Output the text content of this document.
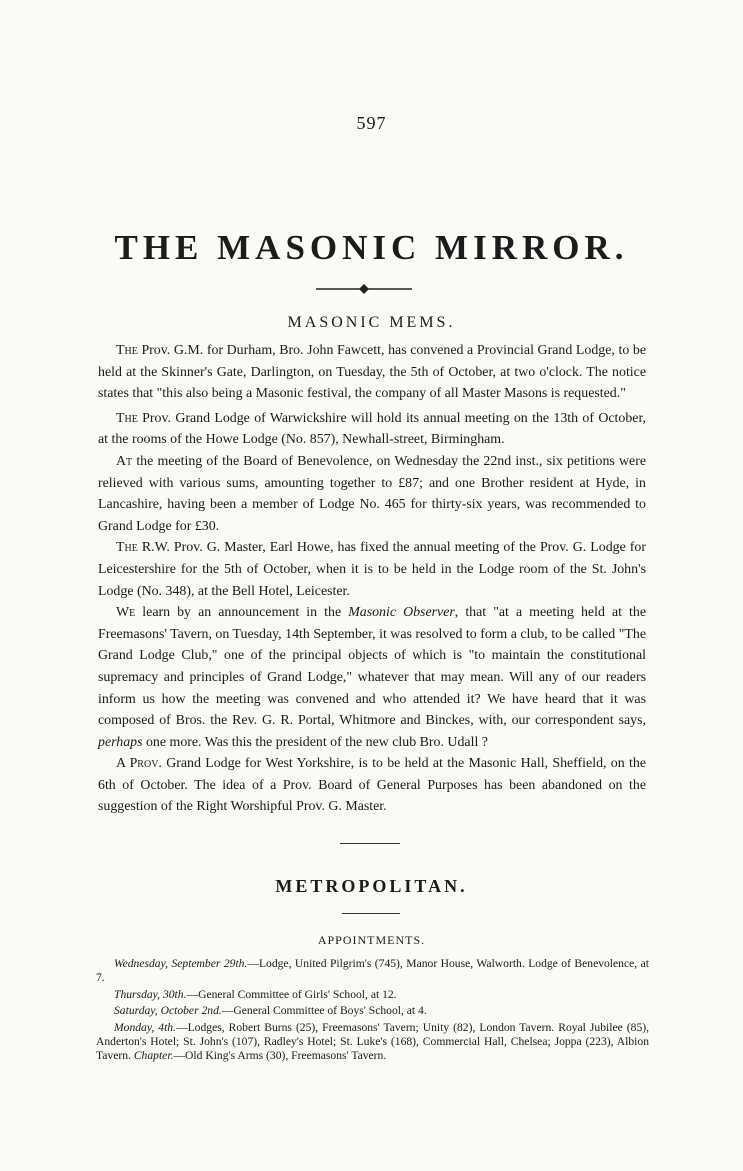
597
THE MASONIC MIRROR.
MASONIC MEMS.

The Prov. G.M. for Durham, Bro. John Fawcett, has convened a Provincial Grand Lodge, to be held at the Skinner's Gate, Darlington, on Tuesday, the 5th of October, at two o'clock. The notice states that "this also being a Masonic festival, the company of all Master Masons is requested."

The Prov. Grand Lodge of Warwickshire will hold its annual meeting on the 13th of October, at the rooms of the Howe Lodge (No. 857), Newhall-street, Birmingham.

At the meeting of the Board of Benevolence, on Wednesday the 22nd inst., six petitions were relieved with various sums, amounting together to £87; and one Brother resident at Hyde, in Lancashire, having been a member of Lodge No. 465 for thirty-six years, was recommended to Grand Lodge for £30.

The R.W. Prov. G. Master, Earl Howe, has fixed the annual meeting of the Prov. G. Lodge for Leicestershire for the 5th of October, when it is to be held in the Lodge room of the St. John's Lodge (No. 348), at the Bell Hotel, Leicester.

We learn by an announcement in the Masonic Observer, that "at a meeting held at the Freemasons' Tavern, on Tuesday, 14th September, it was resolved to form a club, to be called "The Grand Lodge Club," one of the principal objects of which is "to maintain the constitutional supremacy and principles of Grand Lodge," whatever that may mean. Will any of our readers inform us how the meeting was convened and who attended it? We have heard that it was composed of Bros. the Rev. G. R. Portal, Whitmore and Binckes, with, our correspondent says, perhaps one more. Was this the president of the new club Bro. Udall ?

A Prov. Grand Lodge for West Yorkshire, is to be held at the Masonic Hall, Sheffield, on the 6th of October. The idea of a Prov. Board of General Purposes has been abandoned on the suggestion of the Right Worshipful Prov. G. Master.

METROPOLITAN.
APPOINTMENTS.

Wednesday, September 29th.—Lodge, United Pilgrim's (745), Manor House, Walworth. Lodge of Benevolence, at 7.

Thursday, 30th.—General Committee of Girls' School, at 12.

Saturday, October 2nd.—General Committee of Boys' School, at 4.

Monday, 4th.—Lodges, Robert Burns (25), Freemasons' Tavern; Unity (82), London Tavern. Royal Jubilee (85), Anderton's Hotel; St. John's (107), Radley's Hotel; St. Luke's (168), Commercial Hall, Chelsea; Joppa (223), Albion Tavern. Chapter.—Old King's Arms (30), Freemasons' Tavern.
